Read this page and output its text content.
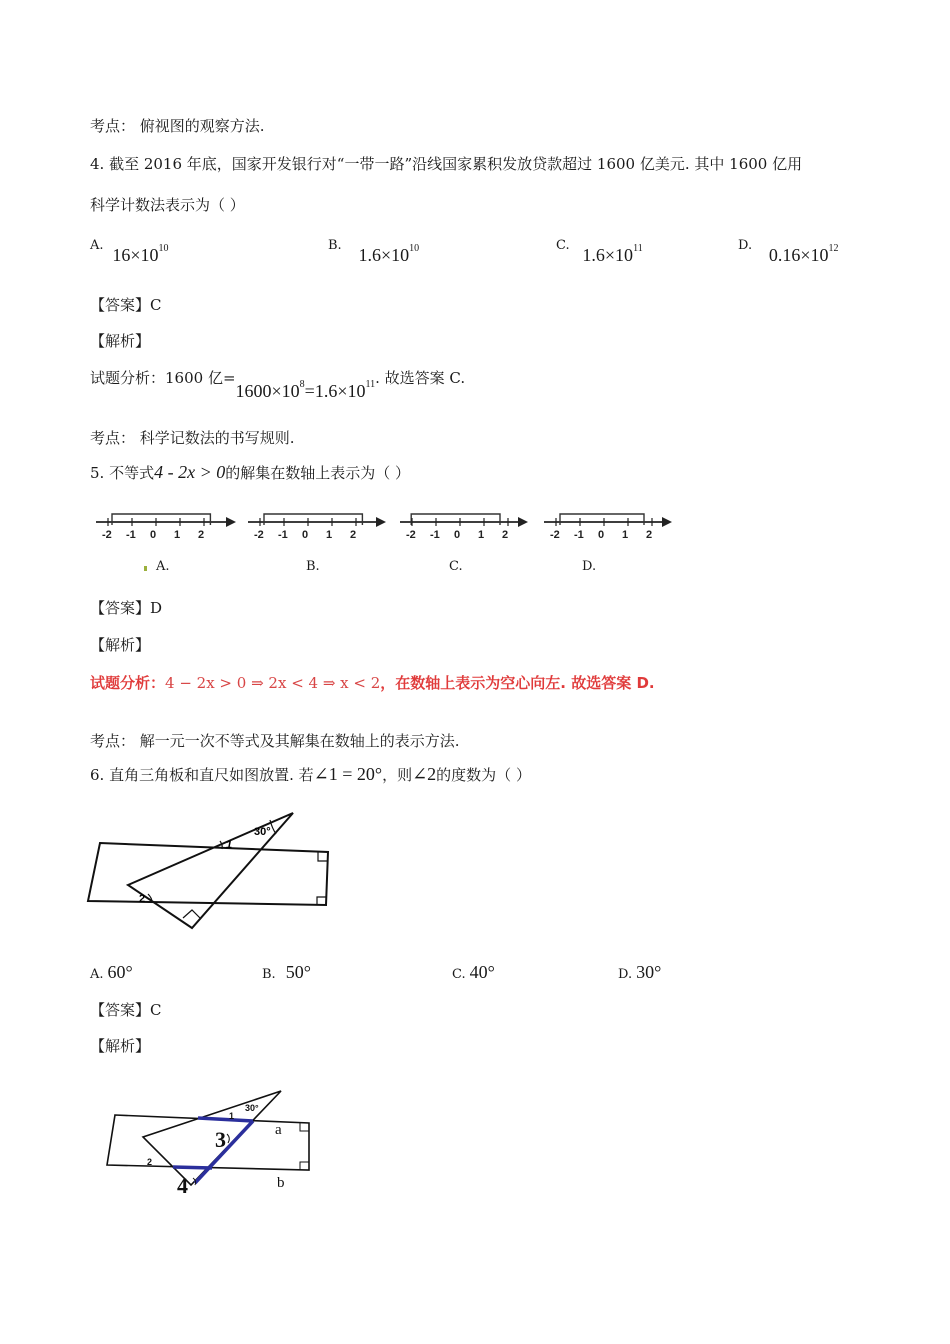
考点： 俯视图的观察方法.
4. 截至 2016 年底，国家开发银行对“一带一路”沿线国家累积发放贷款超过 1600 亿美元. 其中 1600 亿用
科学计数法表示为（ ）
A. $16\times 10^{10}$	B. $1.6\times 10^{10}$	C. $1.6\times 10^{11}$	D. $0.16\times 10^{12}$
【答案】C
【解析】
试题分析：1600 亿$=1600\times 10^8=1.6\times 10^{11}$. 故选答案 C.
考点： 科学记数法的书写规则.
5. 不等式4 - 2x > 0的解集在数轴上表示为（ ）
-2 -1 0 1 2	-2 -1 0 1 2	-2 -1 0 1 2	-2 -1 0 1 2
A.	B.	C.	D.
【答案】D
【解析】
试题分析：4 − 2x > 0 ⇒ 2x < 4 ⇒ x < 2，在数轴上表示为空心向左. 故选答案 D.
考点： 解一元一次不等式及其解集在数轴上的表示方法.
6. 直角三角板和直尺如图放置. 若∠1 = 20°，则∠2的度数为（ ）
30°
1
2
A. 60°	B. 50°	C. 40°	D. 30°
【答案】C
【解析】
3
4
a
b
30°
1
2
